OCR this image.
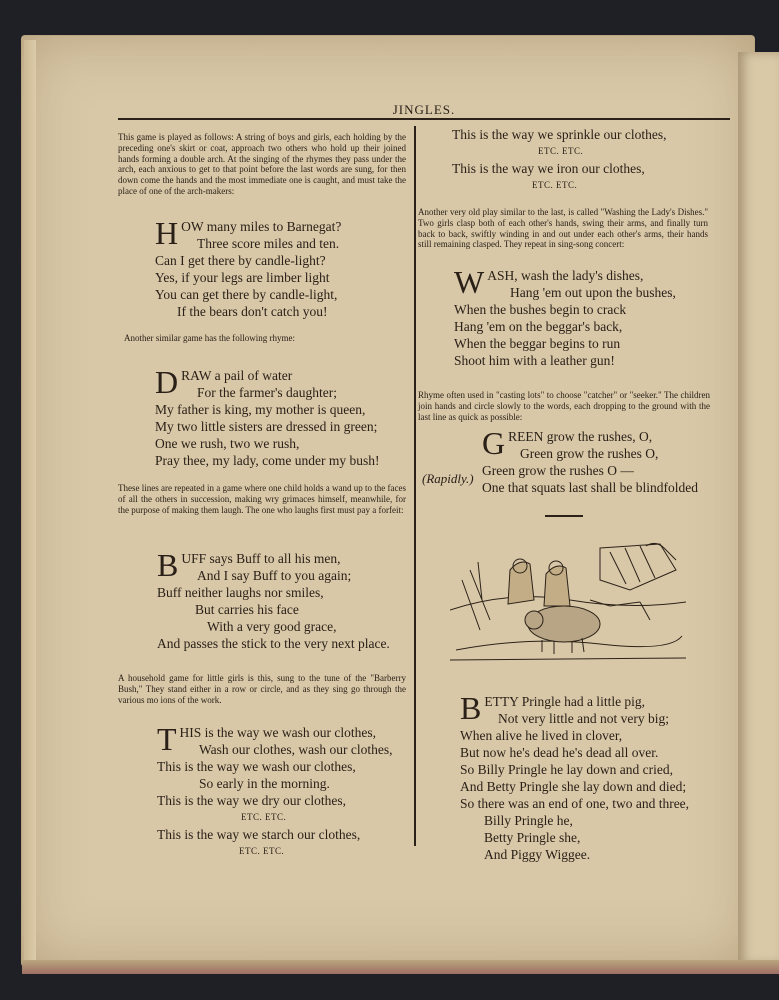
JINGLES.
This game is played as follows: A string of boys and girls, each holding by the preceding one's skirt or coat, approach two others who hold up their joined hands forming a double arch. At the singing of the rhymes they pass under the arch, each anxious to get to that point before the last words are sung, for then down come the hands and the most immediate one is caught, and must take the place of one of the arch-makers:
H OW many miles to Barnegat?
Three score miles and ten.
Can I get there by candle-light?
Yes, if your legs are limber light
You can get there by candle-light,
If the bears don't catch you!
Another similar game has the following rhyme:
D RAW a pail of water
For the farmer's daughter;
My father is king, my mother is queen,
My two little sisters are dressed in green;
One we rush, two we rush,
Pray thee, my lady, come under my bush!
These lines are repeated in a game where one child holds a wand up to the faces of all the others in succession, making wry grimaces himself, meanwhile, for the purpose of making them laugh. The one who laughs first must pay a forfeit:
B UFF says Buff to all his men,
And I say Buff to you again;
Buff neither laughs nor smiles,
But carries his face
With a very good grace,
And passes the stick to the very next place.
A household game for little girls is this, sung to the tune of the "Barberry Bush," They stand either in a row or circle, and as they sing go through the various mo ions of the work.
T HIS is the way we wash our clothes,
Wash our clothes, wash our clothes,
This is the way we wash our clothes,
So early in the morning.
This is the way we dry our clothes,
ETC. ETC.
This is the way we starch our clothes,
ETC. ETC.
This is the way we sprinkle our clothes,
ETC. ETC.
This is the way we iron our clothes,
ETC. ETC.
Another very old play similar to the last, is called "Washing the Lady's Dishes." Two girls clasp both of each other's hands, swing their arms, and finally turn back to back, swiftly winding in and out under each other's arms, their hands still remaining clasped. They repeat in sing-song concert:
W ASH, wash the lady's dishes,
Hang 'em out upon the bushes,
When the bushes begin to crack
Hang 'em on the beggar's back,
When the beggar begins to run
Shoot him with a leather gun!
Rhyme often used in "casting lots" to choose "catcher" or "seeker." The children join hands and circle slowly to the words, each dropping to the ground with the last line as quick as possible:
G REEN grow the rushes, O,
Green grow the rushes O,
Green grow the rushes O —
One that squats last shall be blindfolded
(Rapidly.)
B ETTY Pringle had a little pig,
Not very little and not very big;
When alive he lived in clover,
But now he's dead he's dead all over.
So Billy Pringle he lay down and cried,
And Betty Pringle she lay down and died;
So there was an end of one, two and three,
Billy Pringle he,
Betty Pringle she,
And Piggy Wiggee.
